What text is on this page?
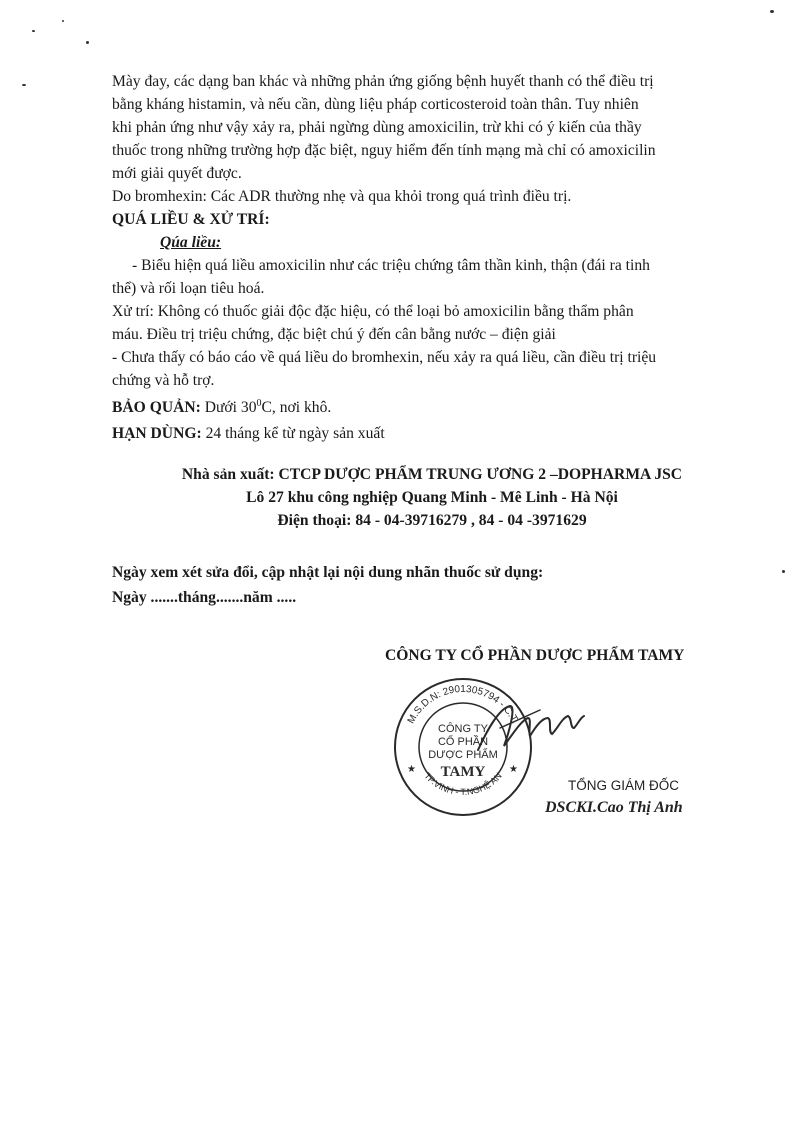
Mày đay, các dạng ban khác và những phản ứng giống bệnh huyết thanh có thể điều trị

bằng kháng histamin, và nếu cần, dùng liệu pháp corticosteroid toàn thân. Tuy nhiên

khi phản ứng như vậy xảy ra, phải ngừng dùng amoxicilin, trừ khi có ý kiến của thầy

thuốc trong những trường hợp đặc biệt, nguy hiểm đến tính mạng mà chỉ có amoxicilin

mới giải quyết được.

Do bromhexin: Các ADR thường nhẹ và qua khỏi trong quá trình điều trị.

QUÁ LIỀU & XỬ TRÍ:

Qúa liều:

- Biểu hiện quá liều amoxicilin như các triệu chứng tâm thần kinh, thận (đái ra tinh

thể) và rối loạn tiêu hoá.

Xử trí: Không có thuốc giải độc đặc hiệu, có thể loại bỏ amoxicilin bằng thẩm phân

máu. Điều trị triệu chứng, đặc biệt chú ý đến cân bằng nước – điện giải

- Chưa thấy có báo cáo về quá liều do bromhexin, nếu xảy ra quá liều, cần điều trị triệu

chứng và hỗ trợ.

BẢO QUẢN: Dưới $30^0C$, nơi khô.

HẠN DÙNG: 24 tháng kể từ ngày sản xuất

Nhà sản xuất: CTCP DƯỢC PHẨM TRUNG ƯƠNG 2 –DOPHARMA JSC

Lô 27 khu công nghiệp Quang Minh - Mê Linh - Hà Nội

Điện thoại: 84 - 04-39716279 , 84 - 04 -3971629

Ngày xem xét sửa đổi, cập nhật lại nội dung nhãn thuốc sử dụng:

Ngày .......tháng.......năm .....

CÔNG TY CỔ PHẦN DƯỢC PHẨM TAMY
M.S.D.N: 2901305794 - C.T.
TP.VINH - T.NGHỆ AN
★	★
CÔNG TY
CỔ PHẦN
DƯỢC PHẨM
TAMY
TỔNG GIÁM ĐỐC
DSCKI.Cao Thị Anh
